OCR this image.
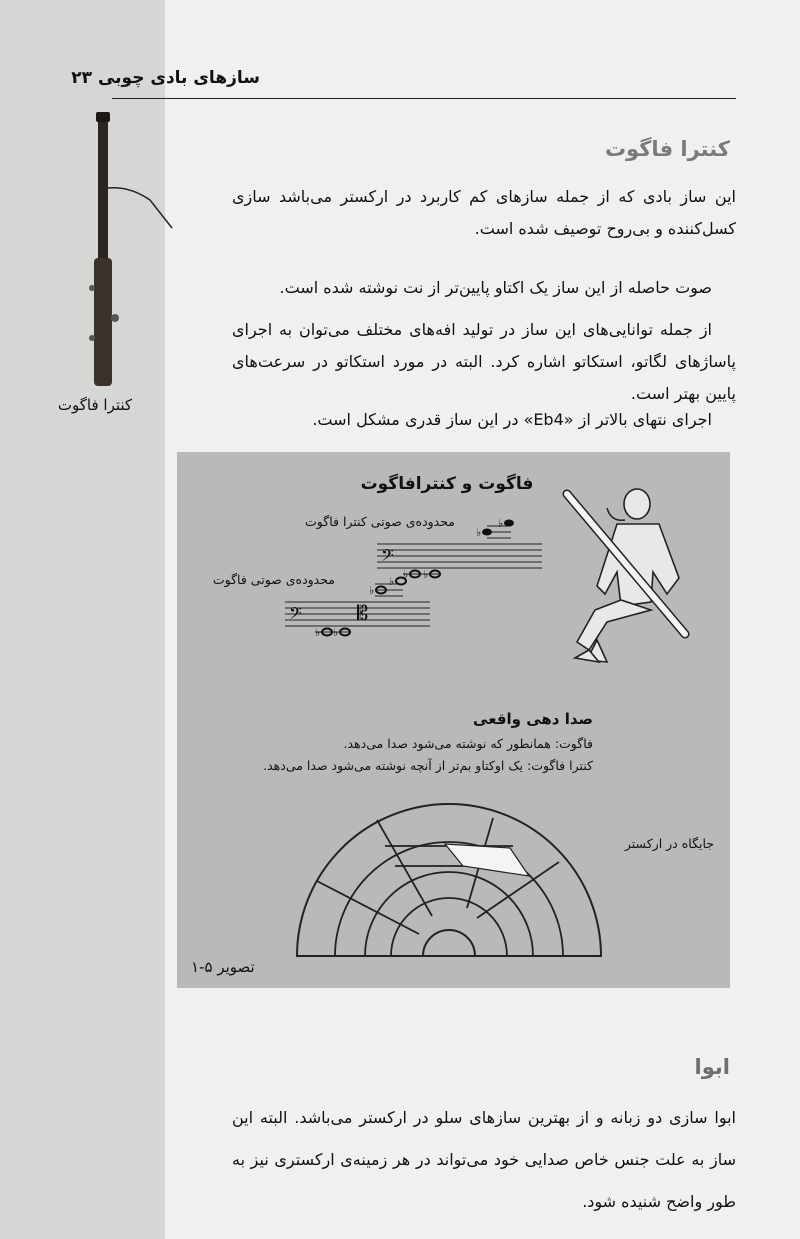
سازهای بادی چوبی ۲۳
کنترا فاگوت
کنترا فاگوت
این ساز بادی که از جمله سازهای کم کاربرد در ارکستر می‌باشد سازی کسل‌کننده و بی‌روح توصیف شده است.
صوت حاصله از این ساز یک اکتاو پایین‌تر از نت نوشته شده است.
از جمله توانایی‌های این ساز در تولید افه‌های مختلف می‌توان به اجرای پاساژهای لگاتو، استکاتو اشاره کرد. البته در مورد استکاتو در سرعت‌های پایین بهتر است.
اجرای نتهای بالاتر از «Eb4» در این ساز قدری مشکل است.
فاگوت و کنترافاگوت
محدوده‌ی صوتی کنترا فاگوت
محدوده‌ی صوتی فاگوت
𝄢
♭
♭
♭ ♭
𝄢	𝄡
♭
♭
♭ ♭
صدا دهی واقعی
فاگوت: همانطور که نوشته می‌شود صدا می‌دهد.
کنترا فاگوت: یک اوکتاو بم‌تر از آنچه نوشته می‌شود صدا می‌دهد.
جایگاه در ارکستر
تصویر ۵-۱
ابوا
ابوا سازی دو زبانه و از بهترین سازهای سلو در ارکستر می‌باشد. البته این ساز به علت جنس خاص صدایی خود می‌تواند در هر زمینه‌ی ارکستری نیز به طور واضح شنیده شود.
